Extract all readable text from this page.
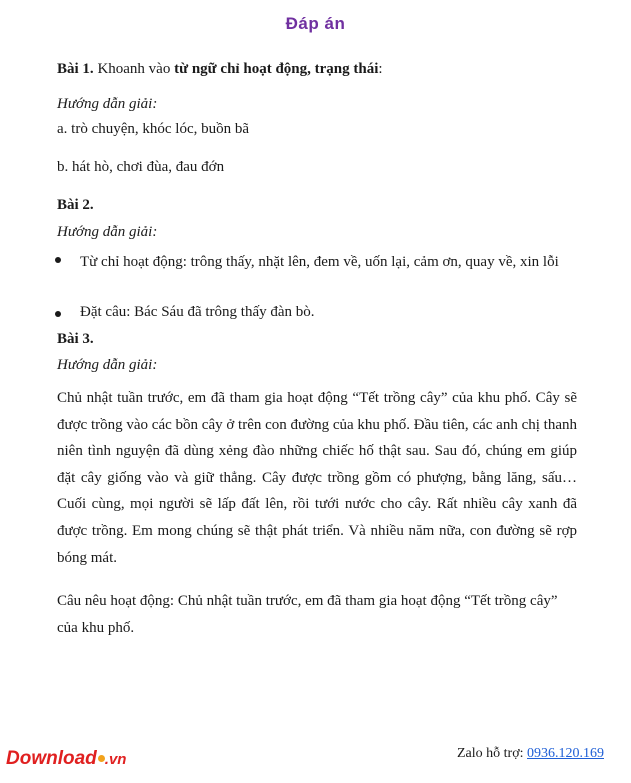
Đáp án
Bài 1. Khoanh vào từ ngữ chỉ hoạt động, trạng thái:
Hướng dẫn giải:
a. trò chuyện, khóc lóc, buồn bã
b. hát hò, chơi đùa, đau đớn
Bài 2.
Hướng dẫn giải:
Từ chỉ hoạt động: trông thấy, nhặt lên, đem về, uốn lại, cảm ơn, quay về, xin lỗi
Đặt câu: Bác Sáu đã trông thấy đàn bò.
Bài 3.
Hướng dẫn giải:
Chủ nhật tuần trước, em đã tham gia hoạt động “Tết trồng cây” của khu phố. Cây sẽ được trồng vào các bồn cây ở trên con đường của khu phố. Đầu tiên, các anh chị thanh niên tình nguyện đã dùng xẻng đào những chiếc hố thật sau. Sau đó, chúng em giúp đặt cây giống vào và giữ thẳng. Cây được trồng gồm có phượng, bằng lăng, sấu… Cuối cùng, mọi người sẽ lấp đất lên, rồi tưới nước cho cây. Rất nhiều cây xanh đã được trồng. Em mong chúng sẽ thật phát triển. Và nhiều năm nữa, con đường sẽ rợp bóng mát.
Câu nêu hoạt động: Chủ nhật tuần trước, em đã tham gia hoạt động “Tết trồng cây” của khu phố.
Download .vn	Zalo hỗ trợ: 0936.120.169
